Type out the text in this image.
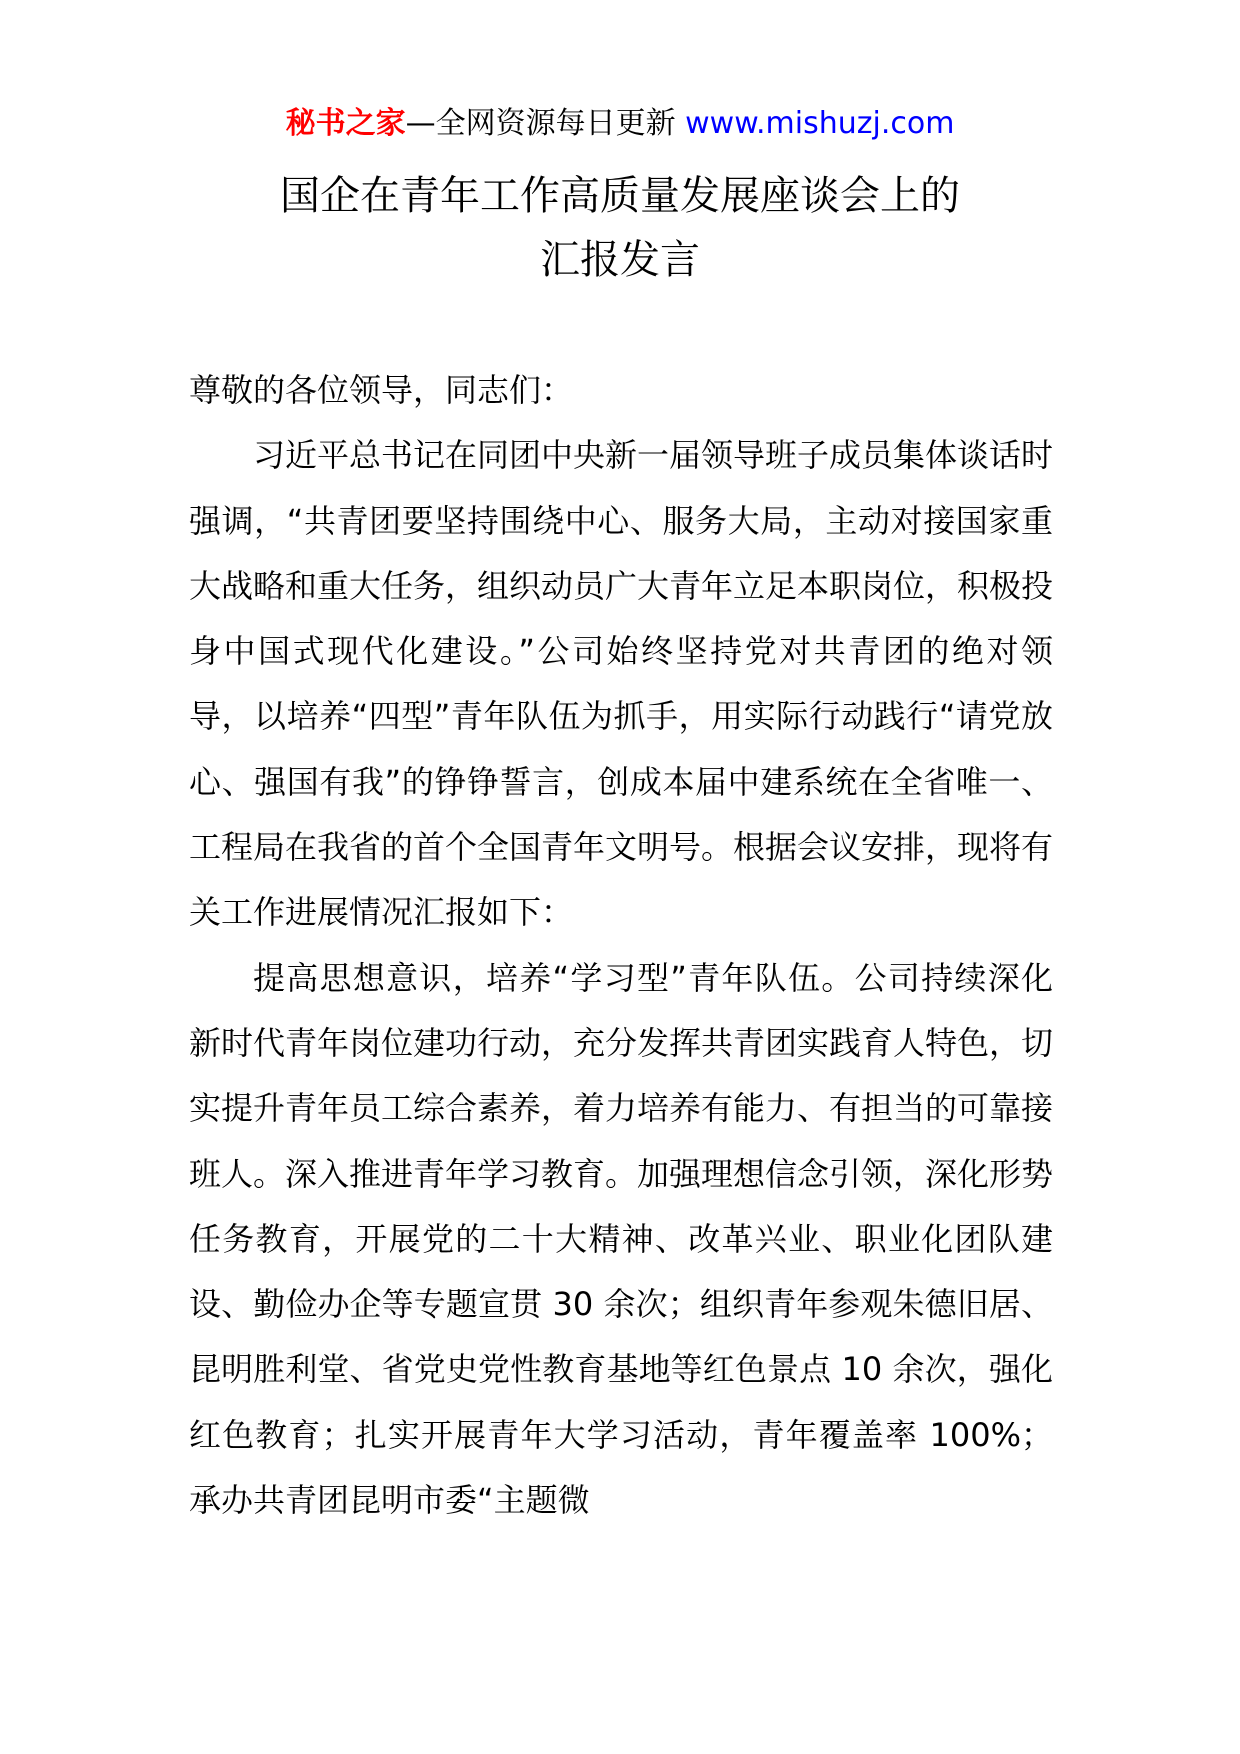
秘书之家—全网资源每日更新 www.mishuzj.com
国企在青年工作高质量发展座谈会上的
汇报发言

尊敬的各位领导，同志们：

习近平总书记在同团中央新一届领导班子成员集体谈话时强调，“共青团要坚持围绕中心、服务大局，主动对接国家重大战略和重大任务，组织动员广大青年立足本职岗位，积极投身中国式现代化建设。”公司始终坚持党对共青团的绝对领导，以培养“四型”青年队伍为抓手，用实际行动践行“请党放心、强国有我”的铮铮誓言，创成本届中建系统在全省唯一、工程局在我省的首个全国青年文明号。根据会议安排，现将有关工作进展情况汇报如下：

提高思想意识，培养“学习型”青年队伍。公司持续深化新时代青年岗位建功行动，充分发挥共青团实践育人特色，切实提升青年员工综合素养，着力培养有能力、有担当的可靠接班人。深入推进青年学习教育。加强理想信念引领，深化形势任务教育，开展党的二十大精神、改革兴业、职业化团队建设、勤俭办企等专题宣贯 30 余次；组织青年参观朱德旧居、昆明胜利堂、省党史党性教育基地等红色景点 10 余次，强化红色教育；扎实开展青年大学习活动，青年覆盖率 100%；承办共青团昆明市委“主题微
